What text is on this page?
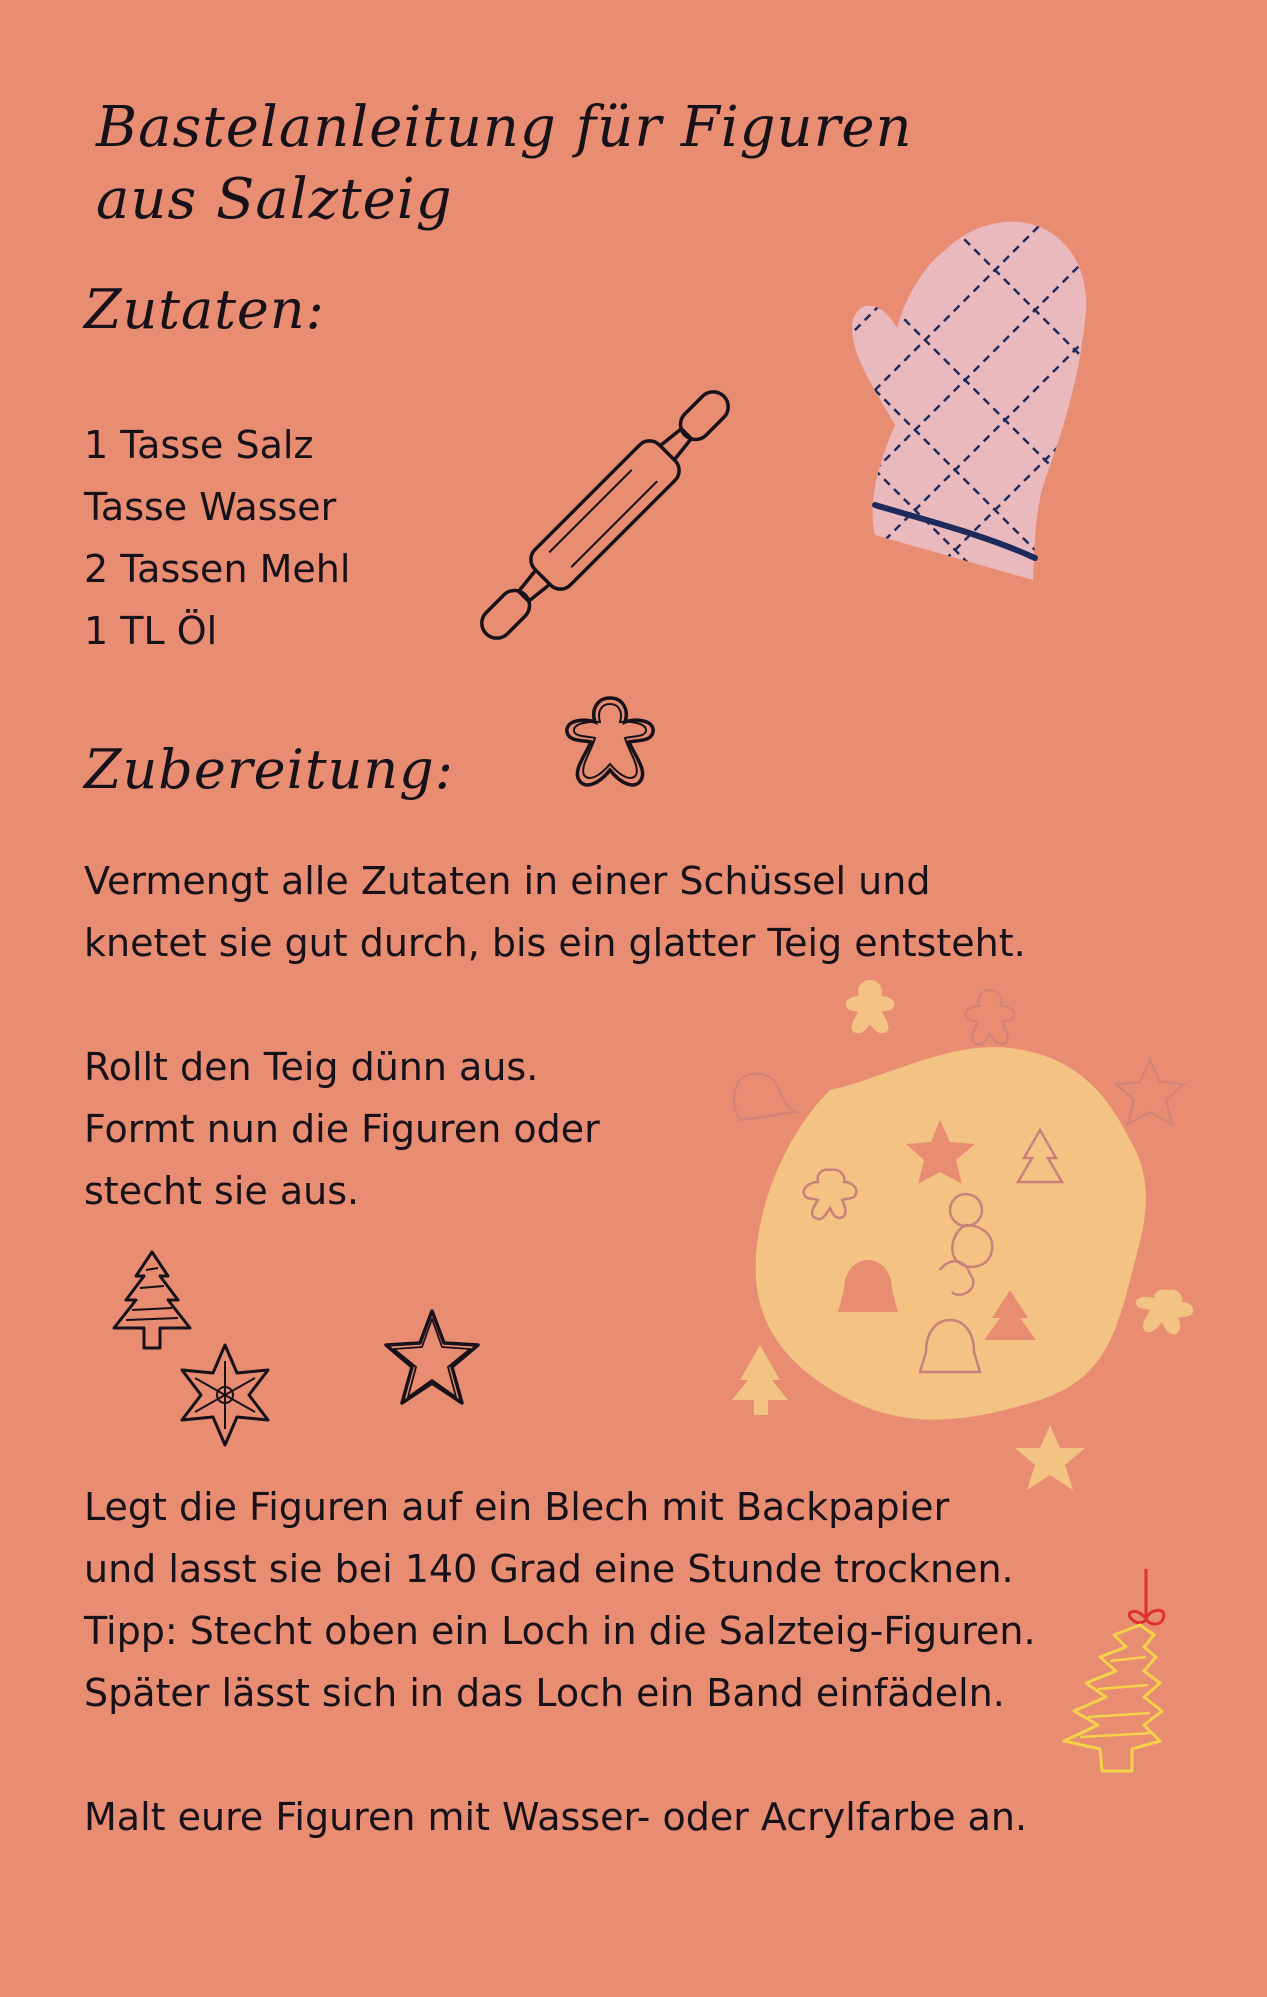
Bastelanleitung für Figuren aus Salzteig
Zutaten:
1 Tasse Salz
Tasse Wasser
2 Tassen Mehl
1 TL Öl
Zubereitung:
Vermengt alle Zutaten in einer Schüssel und
knetet sie gut durch, bis ein glatter Teig entsteht.
Rollt den Teig dünn aus.
Formt nun die Figuren oder
stecht sie aus.
Legt die Figuren auf ein Blech mit Backpapier
und lasst sie bei 140 Grad eine Stunde trocknen.
Tipp: Stecht oben ein Loch in die Salzteig-Figuren.
Später lässt sich in das Loch ein Band einfädeln.
Malt eure Figuren mit Wasser- oder Acrylfarbe an.
